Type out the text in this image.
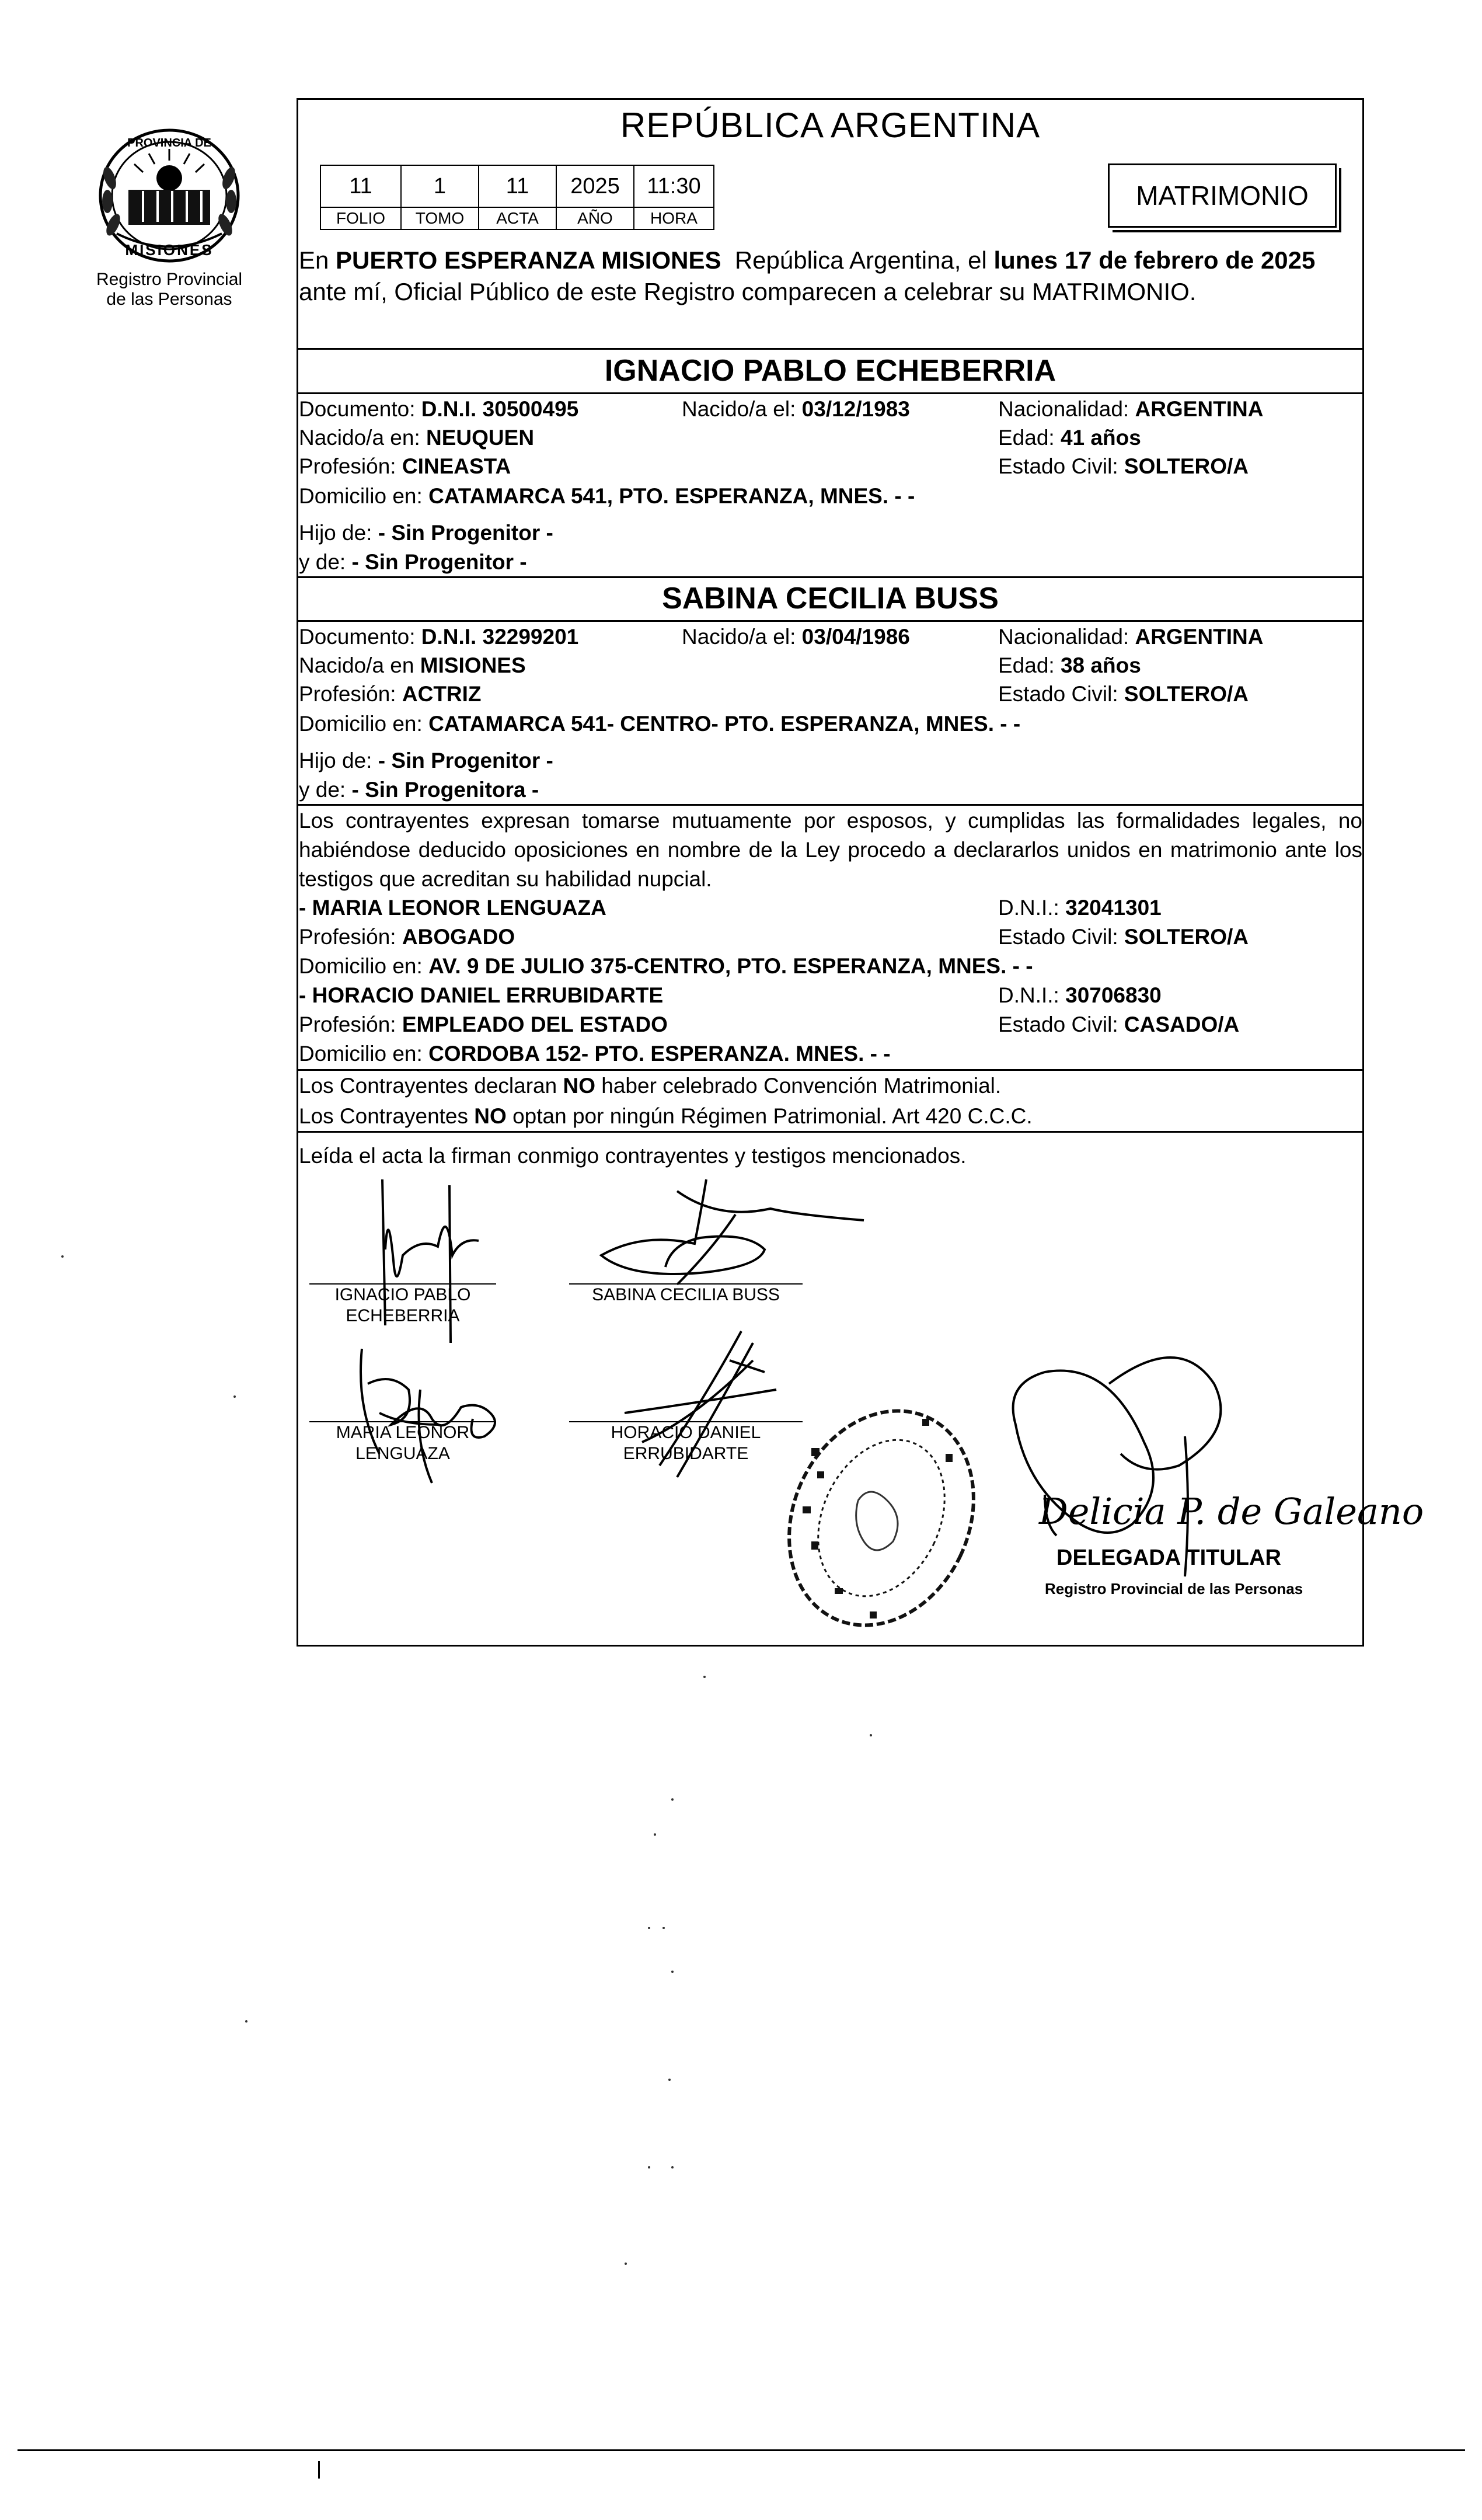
PROVINCIA DE
MISIONES
Registro Provincial
de las Personas
REPÚBLICA ARGENTINA
11	1	11	2025	11:30
FOLIO	TOMO	ACTA	AÑO	HORA
MATRIMONIO
En PUERTO ESPERANZA MISIONES  República Argentina, el lunes 17 de febrero de 2025
ante mí, Oficial Público de este Registro comparecen a celebrar su MATRIMONIO.
IGNACIO PABLO ECHEBERRIA
Documento: D.N.I. 30500495	Nacido/a el: 03/12/1983	Nacionalidad: ARGENTINA
Nacido/a en: NEUQUEN	Edad: 41 años
Profesión: CINEASTA	Estado Civil: SOLTERO/A
Domicilio en: CATAMARCA 541, PTO. ESPERANZA, MNES. - -
Hijo de: - Sin Progenitor -
y de: - Sin Progenitor -
SABINA CECILIA BUSS
Documento: D.N.I. 32299201	Nacido/a el: 03/04/1986	Nacionalidad: ARGENTINA
Nacido/a en MISIONES	Edad: 38 años
Profesión: ACTRIZ	Estado Civil: SOLTERO/A
Domicilio en: CATAMARCA 541- CENTRO- PTO. ESPERANZA, MNES. - -
Hijo de: - Sin Progenitor -
y de: - Sin Progenitora -
Los contrayentes expresan tomarse mutuamente por esposos, y cumplidas las formalidades legales, no habiéndose deducido oposiciones en nombre de la Ley procedo a declararlos unidos en matrimonio ante los testigos que acreditan su habilidad nupcial.
- MARIA LEONOR LENGUAZA	D.N.I.: 32041301
Profesión: ABOGADO	Estado Civil: SOLTERO/A
Domicilio en: AV. 9 DE JULIO 375-CENTRO, PTO. ESPERANZA, MNES. - -
- HORACIO DANIEL ERRUBIDARTE	D.N.I.: 30706830
Profesión: EMPLEADO DEL ESTADO	Estado Civil: CASADO/A
Domicilio en: CORDOBA 152- PTO. ESPERANZA. MNES. - -
Los Contrayentes declaran NO haber celebrado Convención Matrimonial.
Los Contrayentes NO optan por ningún Régimen Patrimonial. Art 420 C.C.C.
Leída el acta la firman conmigo contrayentes y testigos mencionados.
IGNACIO PABLO
ECHEBERRIA
SABINA CECILIA BUSS
MARIA LEONOR
LENGUAZA
HORACIO DANIEL
ERRUBIDARTE
Delicia P. de Galeano
DELEGADA TITULAR
Registro Provincial de las Personas
